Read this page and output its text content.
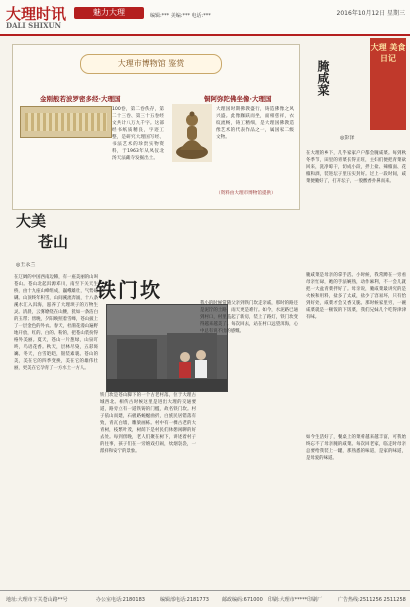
大理时讯
DALI SHIXUN
魅力大理	编辑:*** 美编:*** 电话:***	2016年10月12日 星期三
大理市博物馆 鉴赏
金刚般若波罗密多经·大理国	铜阿弥陀佛坐像·大理国
100卷，第二卷佚存，第二十三卷、第三十五卷经文共计八万九千字。这部经书纸质精良，字迹工整，是研究大理国写经、书法艺术的珍贵实物资料，于1963年从凤仪北汤天法藏寺发掘出土。
大理国时期佛教盛行，铸造佛像之风兴盛。此像跏趺而坐，面相慈祥，衣纹流畅，铸工精细，是大理国佛教造像艺术的代表作品之一，属国家二级文物。
（资料由大理市博物馆提供）
腌咸菜
◎彭泽
大理 美食日记
在大理的乡下，几乎家家户户都会腌咸菜。每到秋冬季节，田里的青菜长得正旺，主妇们便把青菜砍回来，洗净晾干，切成小段，拌上盐、辣椒面、花椒和酒，装进坛子里压实封好。过上一段时间，咸菜便腌好了，打开坛子，一股酸香扑鼻而来。
腌咸菜是母亲的拿手活。小时候，我常蹲在一旁看母亲忙碌，她的手法娴熟，动作麻利，不一会儿就把一大盆青菜拌好了。母亲说，腌咸菜最讲究的是火候和用料，盐多了太咸，盐少了容易坏，只有恰到好处，咸菜才会又香又脆。那时候家里穷，一碗咸菜就是一顿饭的下饭菜，我们兄妹几个吃得津津有味。
如今生活好了，餐桌上的菜肴越来越丰富，可我始终忘不了母亲腌的咸菜。每次回老家，临走时母亲总要给我装上一罐，那熟悉的味道，是家的味道，是母爱的味道。
大美
苍山
◎王永兰
在辽阔的中国西南边陲，有一座美丽的山叫苍山。苍山北起洱源邓川，南至下关天生桥，由十九座山峰组成，巍峨雄壮，气势磅礴。山顶终年积雪，山间溪流奔涌，十八条溪水汇入洱海，滋养了大理坝子的万物生灵。清晨，云雾缭绕在山腰，犹如一条洁白的玉带；傍晚，夕阳映照着雪峰，苍山披上了一层金色的外衣。春天，杜鹃花漫山遍野地开放，红的、白的、粉的，把苍山装扮得格外美丽。夏天，苍山一片葱绿，山泉叮咚，鸟语花香。秋天，层林尽染，五彩斑斓。冬天，白雪皑皑，银装素裹。苍山的美，美在它的四季变换，美在它的雄伟壮丽，更美在它孕育了一方水土一方人。
铁门坎
铁门坎是苍山脚下的一个古老村落，位于大理古城西北。相传古时候这里是进出大理的交通要道，路旁立有一道铁铸的门槛，故名铁门坎。村子依山而建，石板路蜿蜒曲折，白族民居错落有致，青瓦白墙，雕梁画栋。村中有一棵古老的大青树，枝繁叶茂，树荫下是村民们休憩闲聊的好去处。每到傍晚，老人们聚在树下，讲述着村子的往事，孩子们在一旁嬉戏打闹，炊烟袅袅，一派祥和安宁的景象。
我小的时候常随父亲到铁门坎走亲戚，那时的路还是泥泞的土路，雨天更是难行。如今，水泥路已通到村口，村里盖起了新房，装上了路灯，铁门坎变得越来越美了。每次回去，站在村口远望洱海，心中总有说不出的感慨。
地址:大理市下关苍山路**号	办公室电话:2180183	编辑部电话:2181773	邮政编码:671000 印刷:大理市*****印刷厂	广告热线:2511256 2511258
